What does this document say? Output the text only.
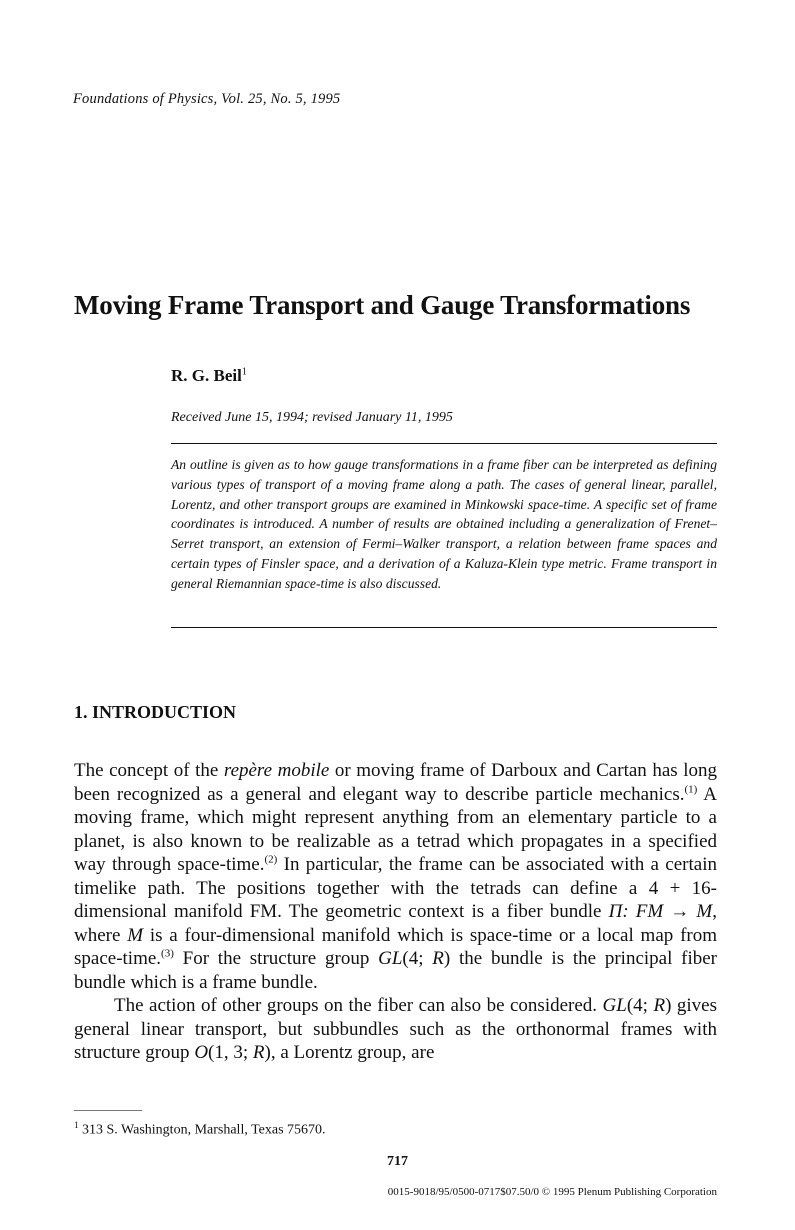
Foundations of Physics, Vol. 25, No. 5, 1995
Moving Frame Transport and Gauge Transformations
R. G. Beil$^1$
Received June 15, 1994; revised January 11, 1995
An outline is given as to how gauge transformations in a frame fiber can be interpreted as defining various types of transport of a moving frame along a path. The cases of general linear, parallel, Lorentz, and other transport groups are examined in Minkowski space-time. A specific set of frame coordinates is introduced. A number of results are obtained including a generalization of Frenet–Serret transport, an extension of Fermi–Walker transport, a relation between frame spaces and certain types of Finsler space, and a derivation of a Kaluza-Klein type metric. Frame transport in general Riemannian space-time is also discussed.
1. INTRODUCTION

The concept of the repère mobile or moving frame of Darboux and Cartan has long been recognized as a general and elegant way to describe particle mechanics.$^{(1)}$ A moving frame, which might represent anything from an elementary particle to a planet, is also known to be realizable as a tetrad which propagates in a specified way through space-time.$^{(2)}$ In particular, the frame can be associated with a certain timelike path. The positions together with the tetrads can define a 4 + 16-dimensional manifold FM. The geometric context is a fiber bundle Π: FM → M, where M is a four-dimensional manifold which is space-time or a local map from space-time.$^{(3)}$ For the structure group GL(4; R) the bundle is the principal fiber bundle which is a frame bundle.

The action of other groups on the fiber can also be considered. GL(4; R) gives general linear transport, but subbundles such as the orthonormal frames with structure group O(1, 3; R), a Lorentz group, are

$^1$ 313 S. Washington, Marshall, Texas 75670.
717
0015-9018/95/0500-0717$07.50/0 © 1995 Plenum Publishing Corporation
